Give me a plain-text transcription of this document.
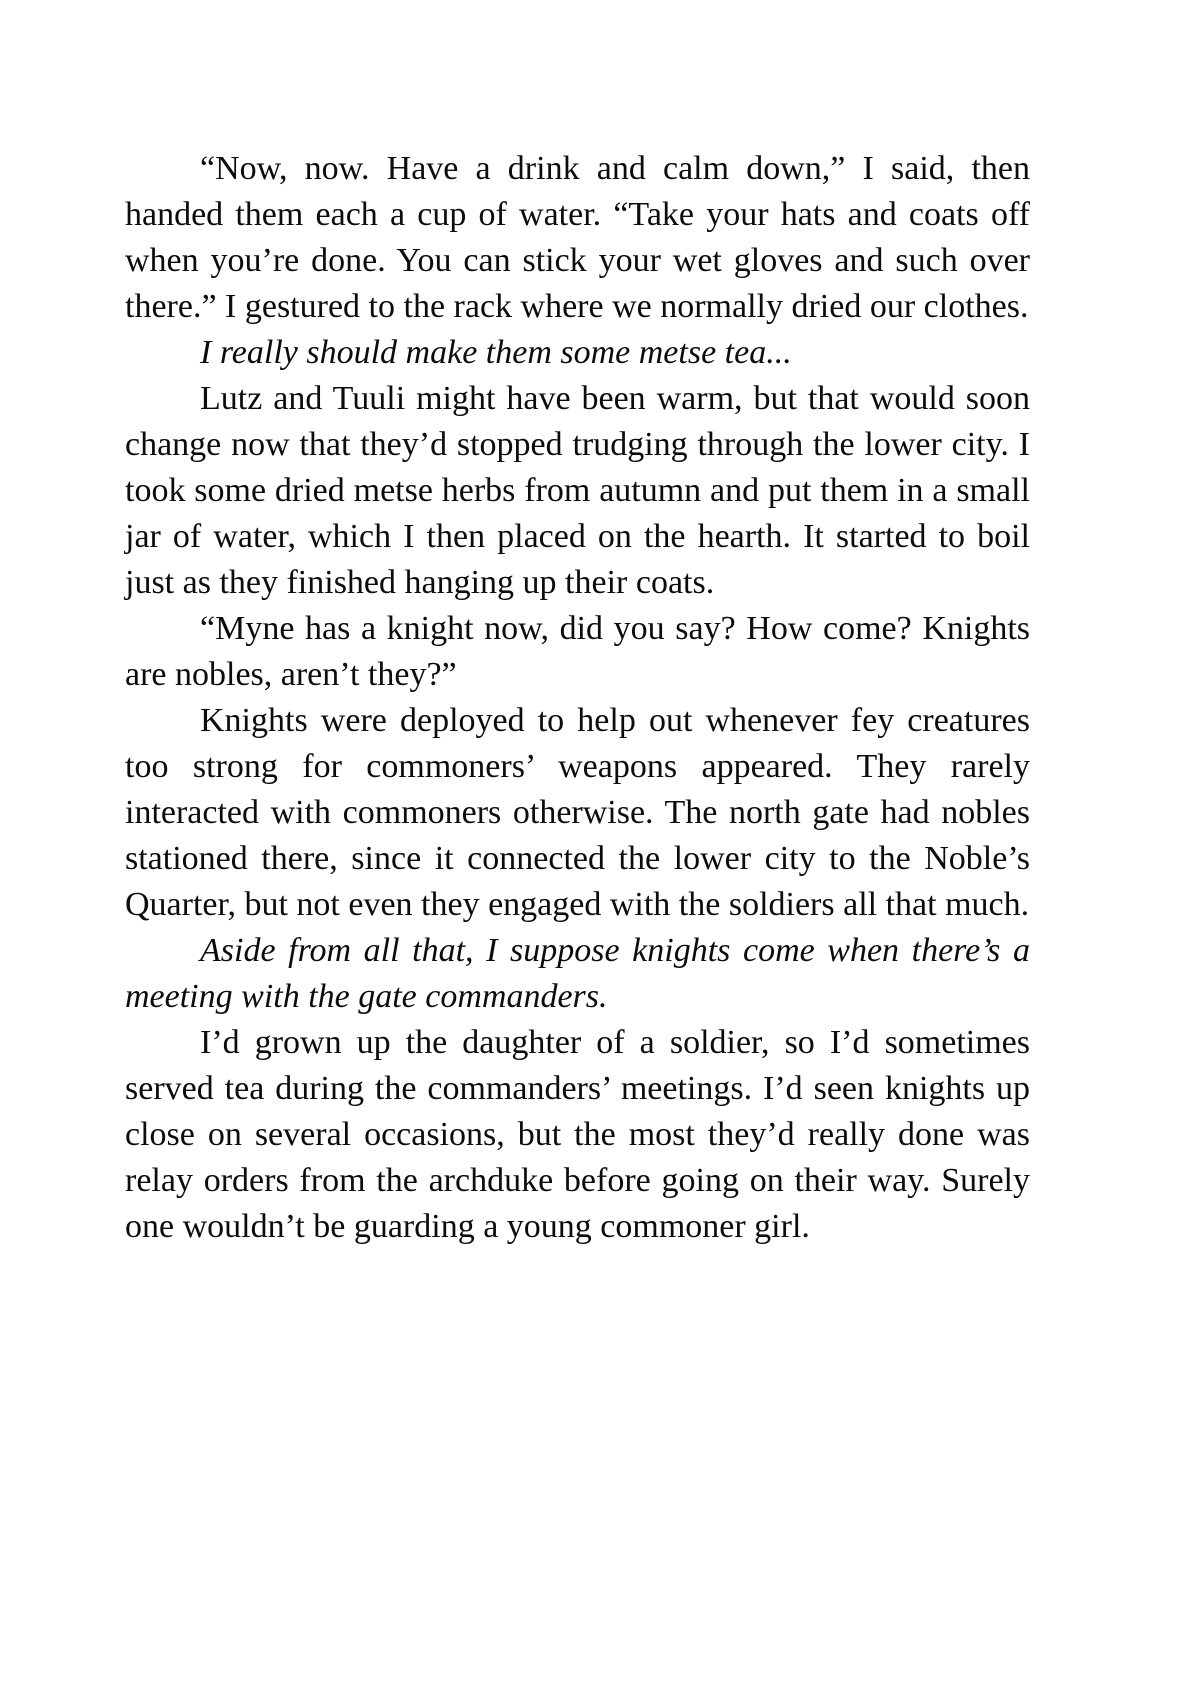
“Now, now. Have a drink and calm down,” I said, then handed them each a cup of water. “Take your hats and coats off when you’re done. You can stick your wet gloves and such over there.” I gestured to the rack where we normally dried our clothes.

I really should make them some metse tea...

Lutz and Tuuli might have been warm, but that would soon change now that they’d stopped trudging through the lower city. I took some dried metse herbs from autumn and put them in a small jar of water, which I then placed on the hearth. It started to boil just as they finished hanging up their coats.

“Myne has a knight now, did you say? How come? Knights are nobles, aren’t they?”

Knights were deployed to help out whenever fey creatures too strong for commoners’ weapons appeared. They rarely interacted with commoners otherwise. The north gate had nobles stationed there, since it connected the lower city to the Noble’s Quarter, but not even they engaged with the soldiers all that much.

Aside from all that, I suppose knights come when there’s a meeting with the gate commanders.

I’d grown up the daughter of a soldier, so I’d sometimes served tea during the commanders’ meetings. I’d seen knights up close on several occasions, but the most they’d really done was relay orders from the archduke before going on their way. Surely one wouldn’t be guarding a young commoner girl.
